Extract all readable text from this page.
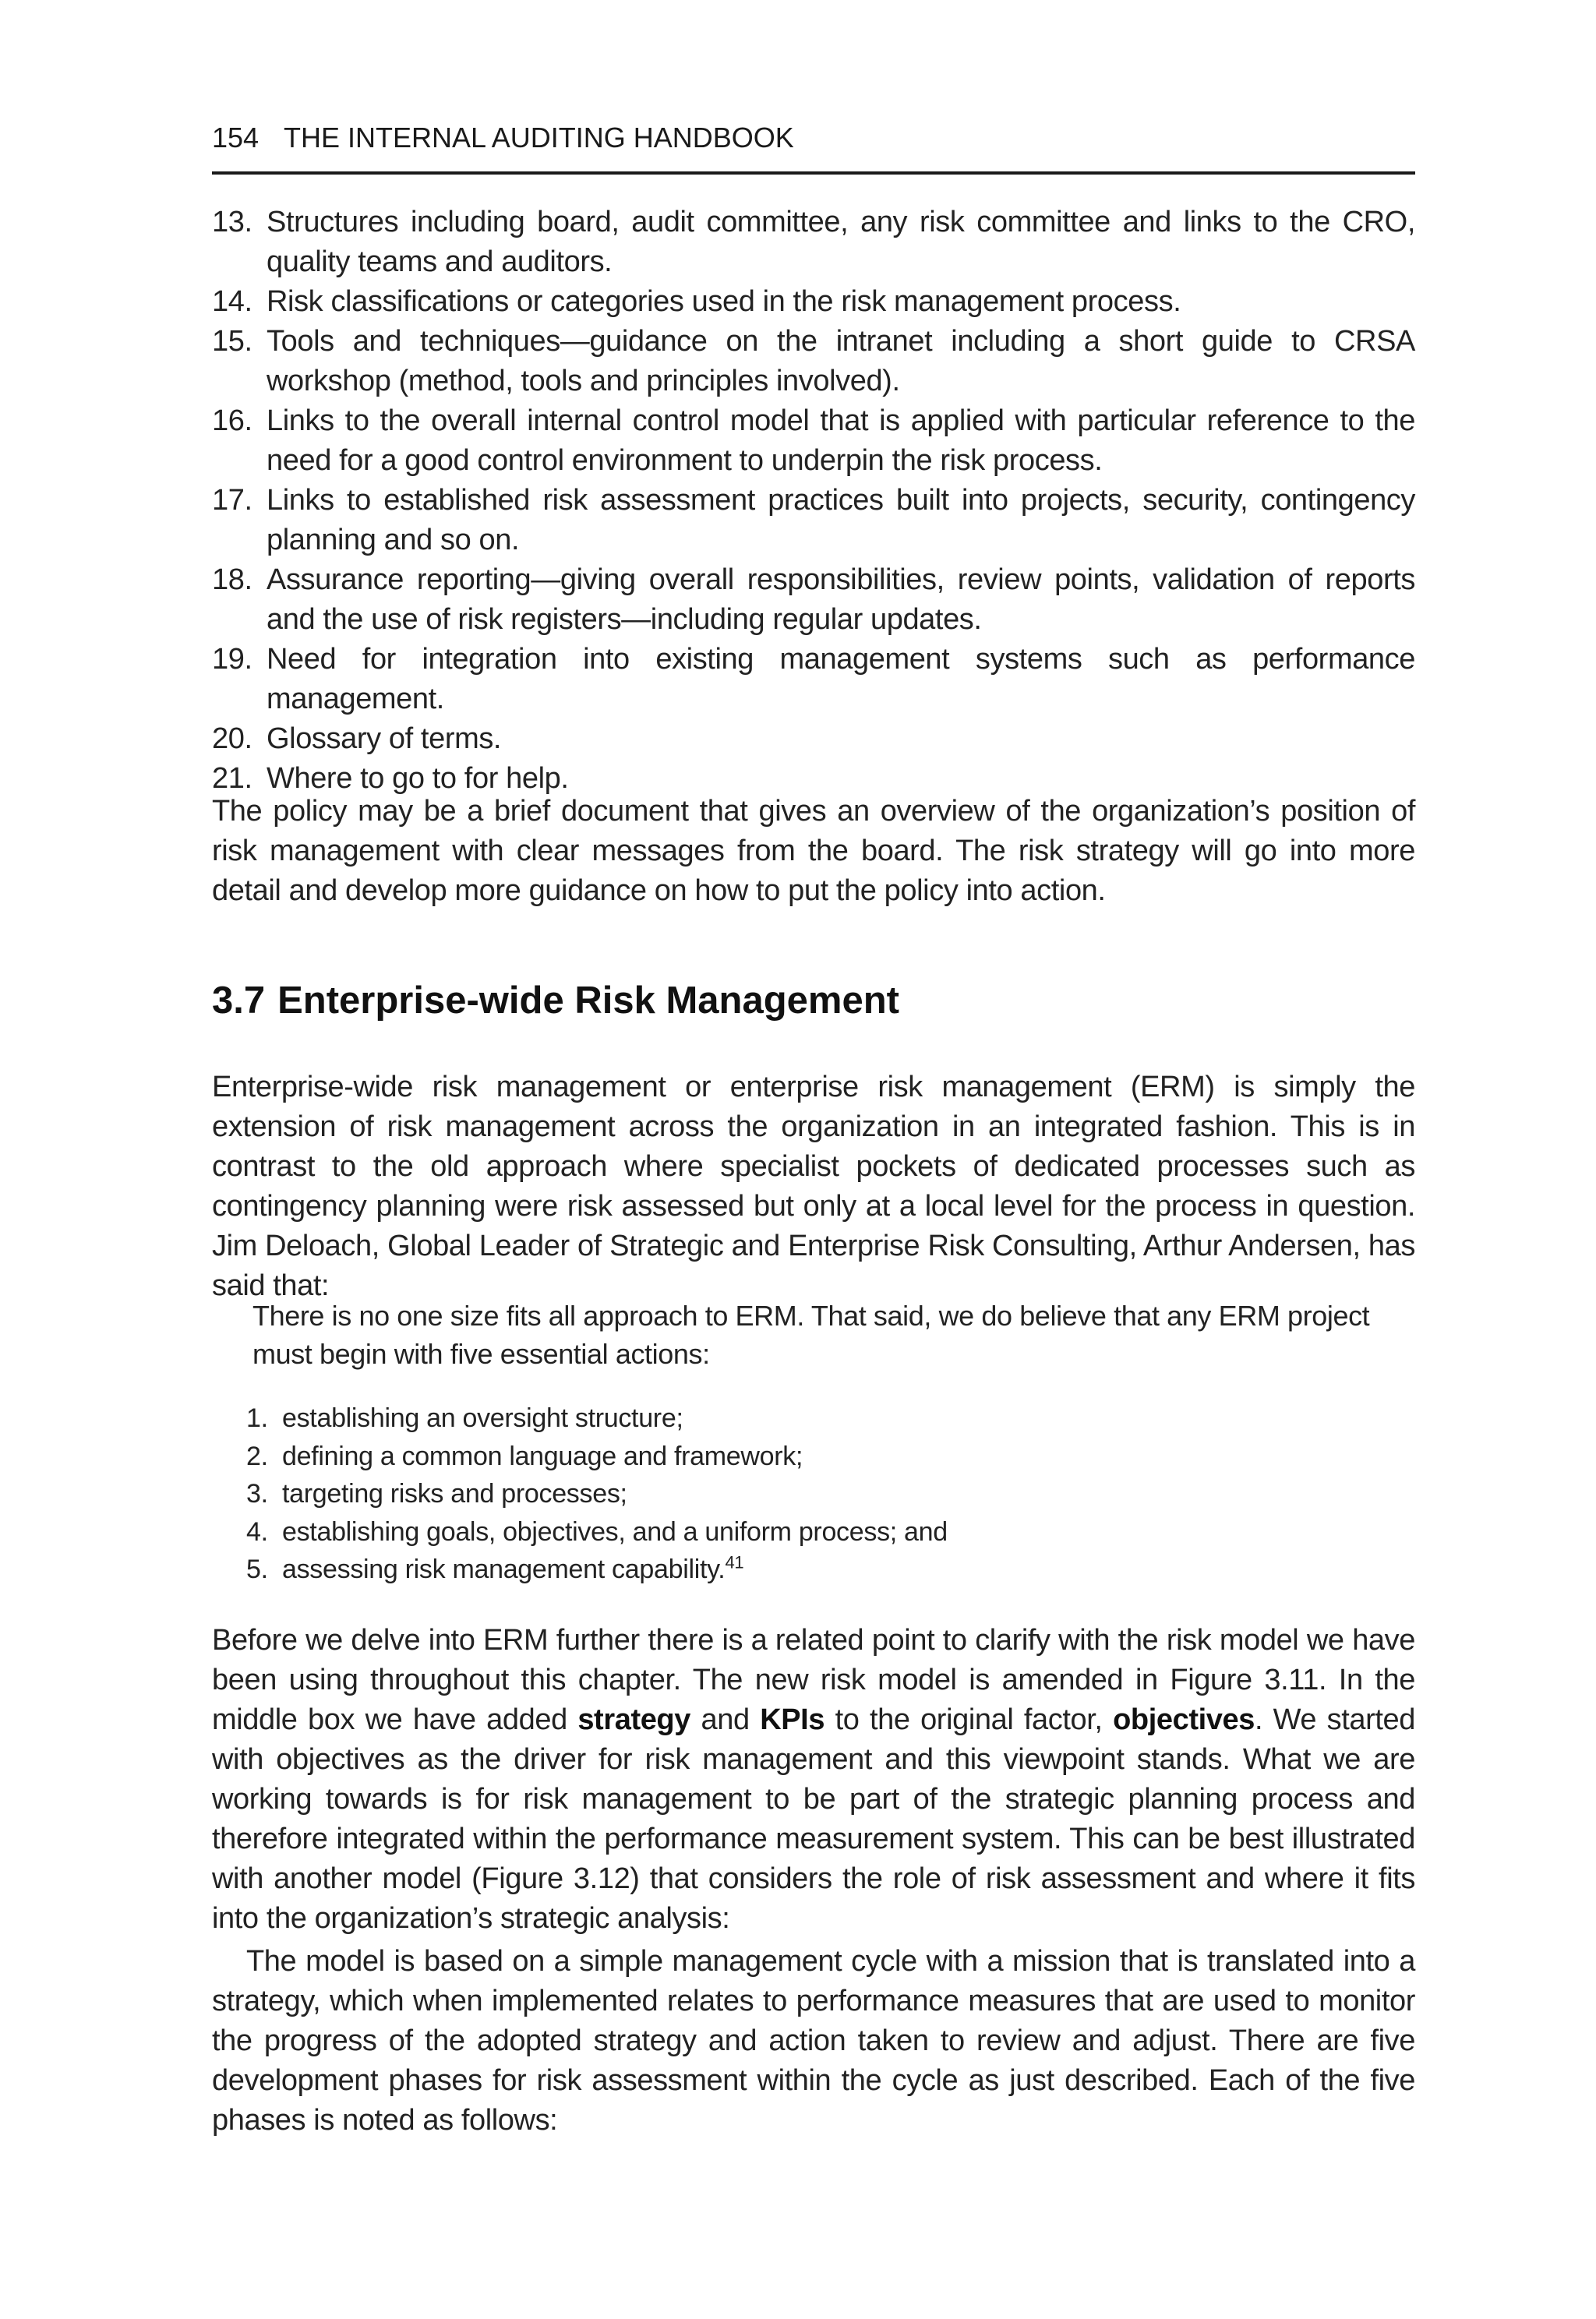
154 THE INTERNAL AUDITING HANDBOOK
13. Structures including board, audit committee, any risk committee and links to the CRO, quality teams and auditors.
14. Risk classifications or categories used in the risk management process.
15. Tools and techniques—guidance on the intranet including a short guide to CRSA workshop (method, tools and principles involved).
16. Links to the overall internal control model that is applied with particular reference to the need for a good control environment to underpin the risk process.
17. Links to established risk assessment practices built into projects, security, contingency planning and so on.
18. Assurance reporting—giving overall responsibilities, review points, validation of reports and the use of risk registers—including regular updates.
19. Need for integration into existing management systems such as performance management.
20. Glossary of terms.
21. Where to go to for help.

The policy may be a brief document that gives an overview of the organization’s position of risk management with clear messages from the board. The risk strategy will go into more detail and develop more guidance on how to put the policy into action.

3.7 Enterprise-wide Risk Management

Enterprise-wide risk management or enterprise risk management (ERM) is simply the extension of risk management across the organization in an integrated fashion. This is in contrast to the old approach where specialist pockets of dedicated processes such as contingency planning were risk assessed but only at a local level for the process in question. Jim Deloach, Global Leader of Strategic and Enterprise Risk Consulting, Arthur Andersen, has said that:

There is no one size fits all approach to ERM. That said, we do believe that any ERM project must begin with five essential actions:

1. establishing an oversight structure;
2. defining a common language and framework;
3. targeting risks and processes;
4. establishing goals, objectives, and a uniform process; and
5. assessing risk management capability.$^{41}$

Before we delve into ERM further there is a related point to clarify with the risk model we have been using throughout this chapter. The new risk model is amended in Figure 3.11. In the middle box we have added strategy and KPIs to the original factor, objectives. We started with objectives as the driver for risk management and this viewpoint stands. What we are working towards is for risk management to be part of the strategic planning process and therefore integrated within the performance measurement system. This can be best illustrated with another model (Figure 3.12) that considers the role of risk assessment and where it fits into the organization’s strategic analysis:

The model is based on a simple management cycle with a mission that is translated into a strategy, which when implemented relates to performance measures that are used to monitor the progress of the adopted strategy and action taken to review and adjust. There are five development phases for risk assessment within the cycle as just described. Each of the five phases is noted as follows:
